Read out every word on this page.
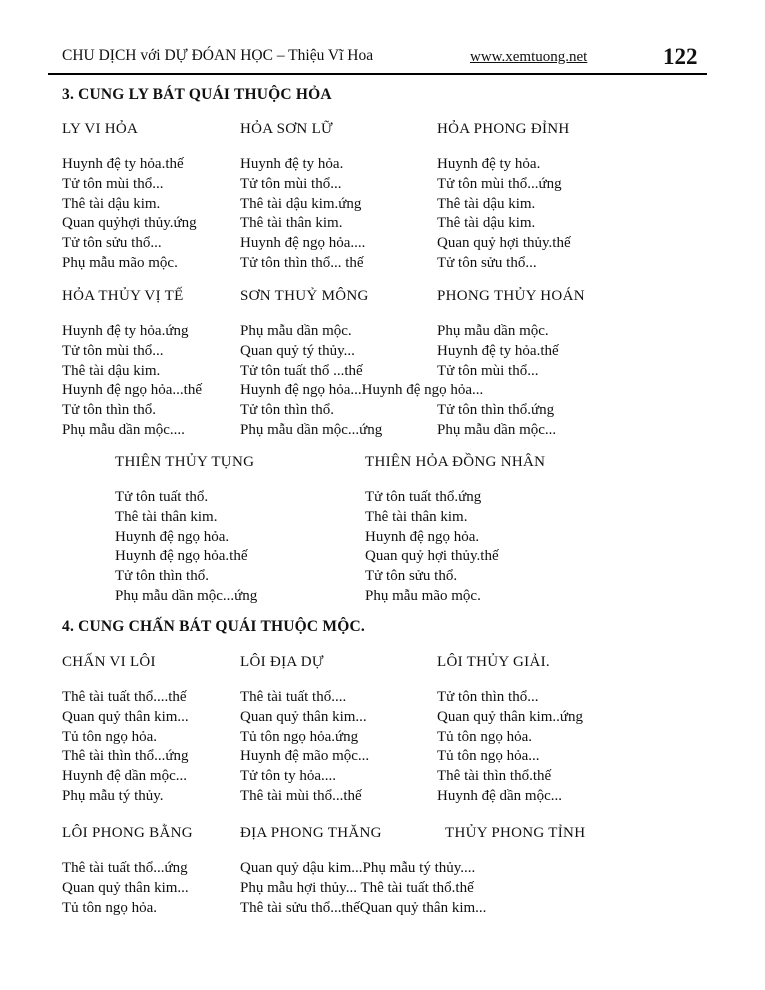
CHU DỊCH với DỰ ĐÓAN HỌC – Thiệu Vĩ Hoa	www.xemtuong.net	122
3. CUNG LY BÁT QUÁI THUỘC HỎA
LY VI HỎA
Huynh đệ ty hỏa.thế
Tử tôn mùi thổ...
Thê tài dậu kim.
Quan quỷhợi thủy.ứng
Tử tôn sửu thổ...
Phụ mẫu mão mộc.
HỎA SƠN LỮ
Huynh đệ ty hỏa.
Tử tôn mùi thổ...
Thê tài dậu kim.ứng
Thê tài thân kim.
Huynh đệ ngọ hỏa....
Tử tôn thìn thổ... thế
HỎA PHONG ĐỈNH
Huynh đệ ty hỏa.
Tử tôn mùi thổ...ứng
Thê tài dậu kim.
Thê tài dậu kim.
Quan quỷ hợi thủy.thế
Tử tôn sửu thổ...
HỎA THỦY VỊ TẾ
Huynh đệ ty hỏa.ứng
Tử tôn mùi thổ...
Thê tài dậu kim.
Huynh đệ ngọ hỏa...thế
Tử tôn thìn thổ.
Phụ mẫu dần mộc....
SƠN THUỶ MÔNG
Phụ mẫu dần mộc.
Quan quỷ tý thủy...
Tử tôn tuất thổ ...thế
Huynh đệ ngọ hỏa...Huynh đệ ngọ hỏa...
Tử tôn thìn thổ.
Phụ mẫu dần mộc...ứng
PHONG THỦY HOÁN
Phụ mẫu dần mộc.
Huynh đệ ty hỏa.thế
Tử tôn mùi thổ...
Tử tôn thìn thổ.ứng
Phụ mẫu dần mộc...
THIÊN THỦY TỤNG
Tử tôn tuất thổ.
Thê tài thân kim.
Huynh đệ ngọ hỏa.
Huynh đệ ngọ hỏa.thế
Tử tôn thìn thổ.
Phụ mẫu dần mộc...ứng
THIÊN HỎA ĐỒNG NHÂN
Tử tôn tuất thổ.ứng
Thê tài thân kim.
Huynh đệ ngọ hỏa.
Quan quỷ hợi thủy.thế
Tử tôn sửu thổ.
Phụ mẫu mão mộc.
4. CUNG CHẤN BÁT QUÁI THUỘC MỘC.
CHẤN VI LÔI
Thê tài tuất thổ....thế
Quan quỷ thân kim...
Tủ tôn ngọ hỏa.
Thê tài thìn thổ...ứng
Huynh đệ dần mộc...
Phụ mẫu tý thủy.
LÔI ĐỊA DỰ
Thê tài tuất thổ....
Quan quỷ thân kim...
Tủ tôn ngọ hỏa.ứng
Huynh đệ mão mộc...
Tử tôn ty hỏa....
Thê tài mùi thổ...thế
LÔI THỦY GIẢI.
Tử tôn thìn thổ...
Quan quỷ thân kim..ứng
Tủ tôn ngọ hỏa.
Tủ tôn ngọ hỏa...
Thê tài thìn thổ.thế
Huynh đệ dần mộc...
LÔI PHONG BẰNG
Thê tài tuất thổ...ứng
Quan quỷ thân kim...
Tủ tôn ngọ hỏa.
ĐỊA PHONG THĂNG
Quan quỷ dậu kim...Phụ mẫu tý thủy....
Phụ mẫu hợi thủy... Thê tài tuất thổ.thế
Thê tài sửu thổ...thếQuan quỷ thân kim...
THỦY PHONG TỈNH
